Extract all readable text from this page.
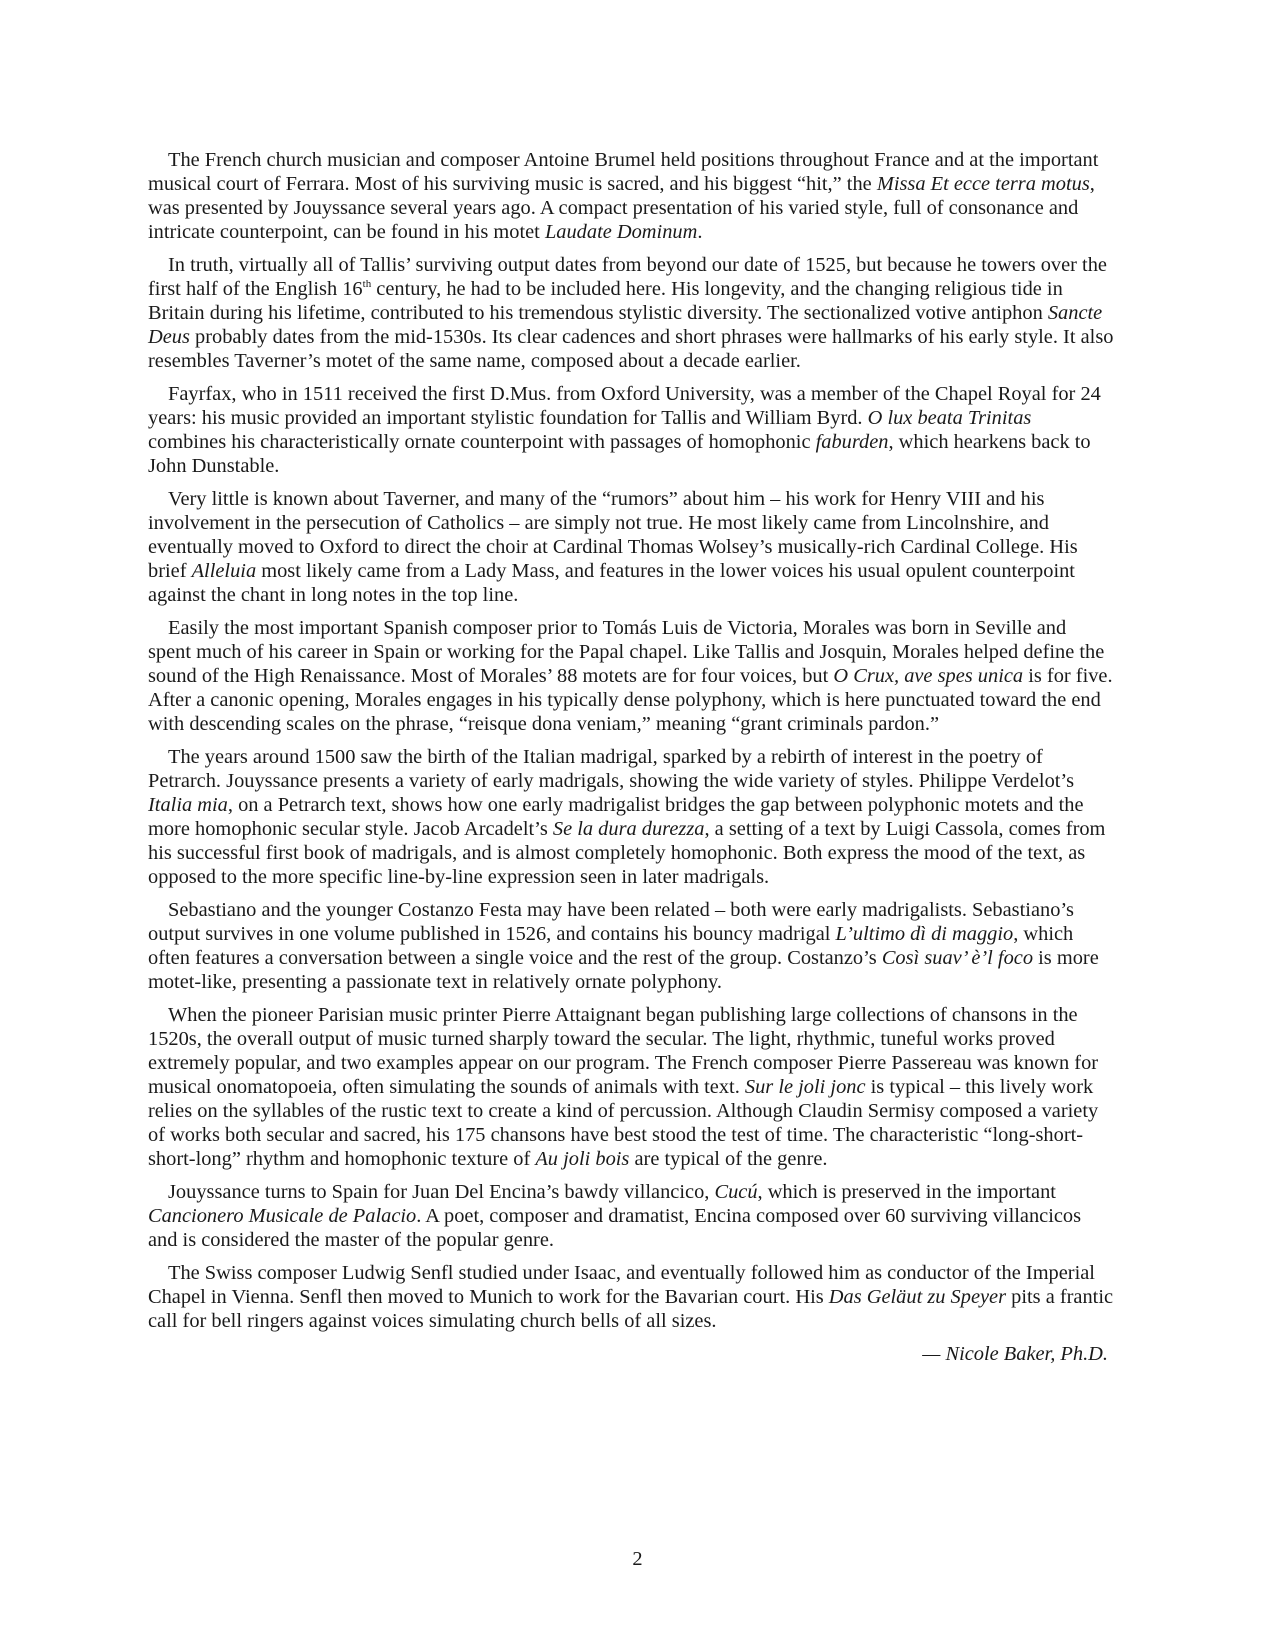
The French church musician and composer Antoine Brumel held positions throughout France and at the important musical court of Ferrara. Most of his surviving music is sacred, and his biggest “hit,” the Missa Et ecce terra motus, was presented by Jouyssance several years ago. A compact presentation of his varied style, full of consonance and intricate counterpoint, can be found in his motet Laudate Dominum.

In truth, virtually all of Tallis’ surviving output dates from beyond our date of 1525, but because he towers over the first half of the English 16th century, he had to be included here. His longevity, and the changing religious tide in Britain during his lifetime, contributed to his tremendous stylistic diversity. The sectionalized votive antiphon Sancte Deus probably dates from the mid-1530s. Its clear cadences and short phrases were hallmarks of his early style. It also resembles Taverner’s motet of the same name, composed about a decade earlier.

Fayrfax, who in 1511 received the first D.Mus. from Oxford University, was a member of the Chapel Royal for 24 years: his music provided an important stylistic foundation for Tallis and William Byrd. O lux beata Trinitas combines his characteristically ornate counterpoint with passages of homophonic faburden, which hearkens back to John Dunstable.

Very little is known about Taverner, and many of the “rumors” about him – his work for Henry VIII and his involvement in the persecution of Catholics – are simply not true. He most likely came from Lincolnshire, and eventually moved to Oxford to direct the choir at Cardinal Thomas Wolsey’s musically-rich Cardinal College. His brief Alleluia most likely came from a Lady Mass, and features in the lower voices his usual opulent counterpoint against the chant in long notes in the top line.

Easily the most important Spanish composer prior to Tomás Luis de Victoria, Morales was born in Seville and spent much of his career in Spain or working for the Papal chapel. Like Tallis and Josquin, Morales helped define the sound of the High Renaissance. Most of Morales’ 88 motets are for four voices, but O Crux, ave spes unica is for five. After a canonic opening, Morales engages in his typically dense polyphony, which is here punctuated toward the end with descending scales on the phrase, “reisque dona veniam,” meaning “grant criminals pardon.”

The years around 1500 saw the birth of the Italian madrigal, sparked by a rebirth of interest in the poetry of Petrarch. Jouyssance presents a variety of early madrigals, showing the wide variety of styles. Philippe Verdelot’s Italia mia, on a Petrarch text, shows how one early madrigalist bridges the gap between polyphonic motets and the more homophonic secular style. Jacob Arcadelt’s Se la dura durezza, a setting of a text by Luigi Cassola, comes from his successful first book of madrigals, and is almost completely homophonic. Both express the mood of the text, as opposed to the more specific line-by-line expression seen in later madrigals.

Sebastiano and the younger Costanzo Festa may have been related – both were early madrigalists. Sebastiano’s output survives in one volume published in 1526, and contains his bouncy madrigal L’ultimo dì di maggio, which often features a conversation between a single voice and the rest of the group. Costanzo’s Così suav’ è’l foco is more motet-like, presenting a passionate text in relatively ornate polyphony.

When the pioneer Parisian music printer Pierre Attaignant began publishing large collections of chansons in the 1520s, the overall output of music turned sharply toward the secular. The light, rhythmic, tuneful works proved extremely popular, and two examples appear on our program. The French composer Pierre Passereau was known for musical onomatopoeia, often simulating the sounds of animals with text. Sur le joli jonc is typical – this lively work relies on the syllables of the rustic text to create a kind of percussion. Although Claudin Sermisy composed a variety of works both secular and sacred, his 175 chansons have best stood the test of time. The characteristic “long-short-short-long” rhythm and homophonic texture of Au joli bois are typical of the genre.

Jouyssance turns to Spain for Juan Del Encina’s bawdy villancico, Cucú, which is preserved in the important Cancionero Musicale de Palacio. A poet, composer and dramatist, Encina composed over 60 surviving villancicos and is considered the master of the popular genre.

The Swiss composer Ludwig Senfl studied under Isaac, and eventually followed him as conductor of the Imperial Chapel in Vienna. Senfl then moved to Munich to work for the Bavarian court. His Das Geläut zu Speyer pits a frantic call for bell ringers against voices simulating church bells of all sizes.

— Nicole Baker, Ph.D.

2
